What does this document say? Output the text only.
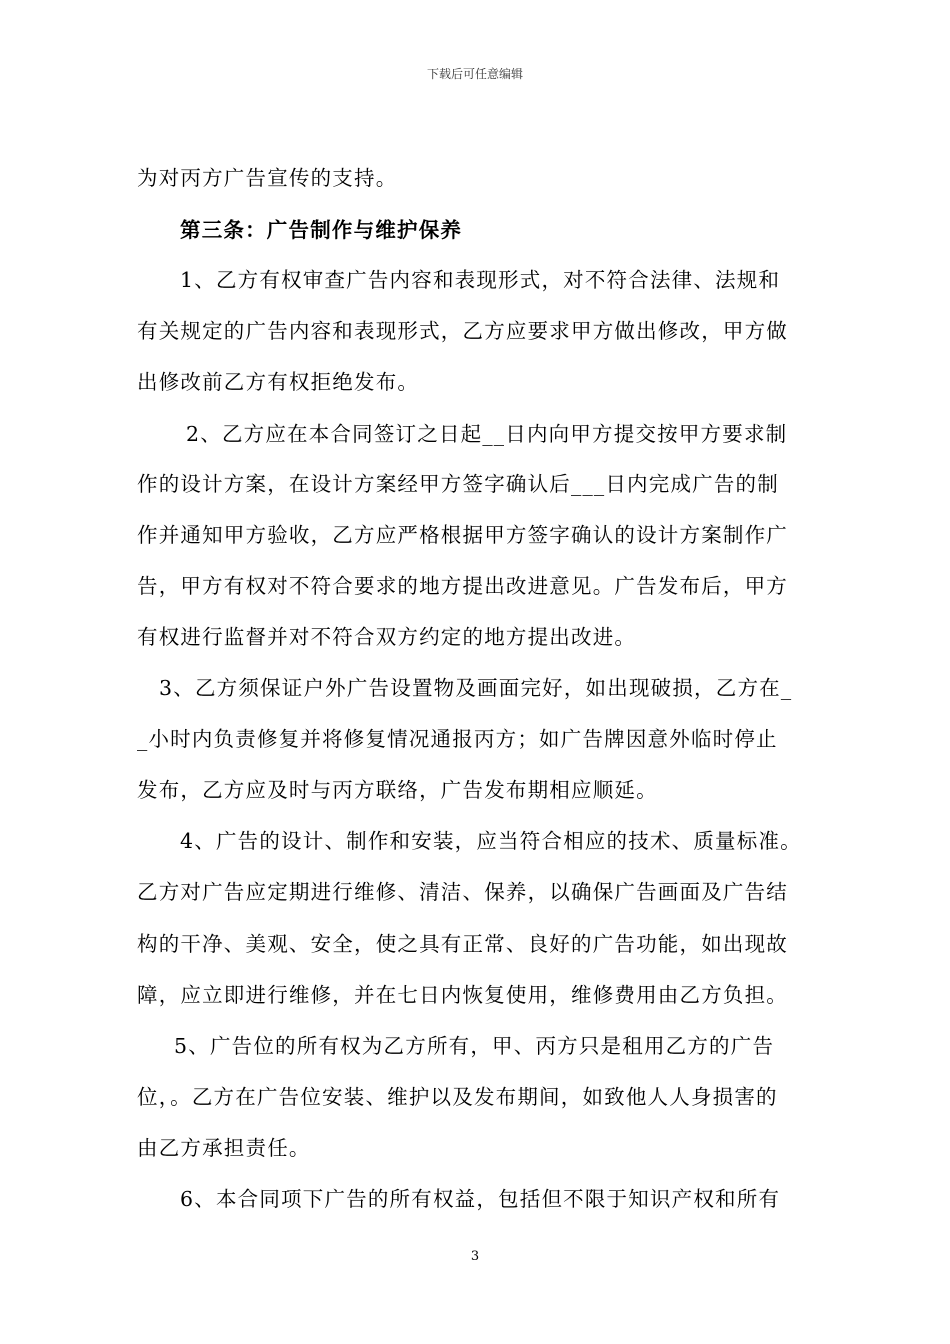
下载后可任意编辑
为对丙方广告宣传的支持。
第三条：广告制作与维护保养
1、乙方有权审查广告内容和表现形式，对不符合法律、法规和
有关规定的广告内容和表现形式，乙方应要求甲方做出修改，甲方做
出修改前乙方有权拒绝发布。
2、乙方应在本合同签订之日起__日内向甲方提交按甲方要求制
作的设计方案，在设计方案经甲方签字确认后___日内完成广告的制
作并通知甲方验收，乙方应严格根据甲方签字确认的设计方案制作广
告，甲方有权对不符合要求的地方提出改进意见。广告发布后，甲方
有权进行监督并对不符合双方约定的地方提出改进。
3、乙方须保证户外广告设置物及画面完好，如出现破损，乙方在_
_小时内负责修复并将修复情况通报丙方；如广告牌因意外临时停止
发布，乙方应及时与丙方联络，广告发布期相应顺延。
4、广告的设计、制作和安装，应当符合相应的技术、质量标准。
乙方对广告应定期进行维修、清洁、保养，以确保广告画面及广告结
构的干净、美观、安全，使之具有正常、良好的广告功能，如出现故
障，应立即进行维修，并在七日内恢复使用，维修费用由乙方负担。
5、广告位的所有权为乙方所有，甲、丙方只是租用乙方的广告
位，。乙方在广告位安装、维护以及发布期间，如致他人人身损害的
由乙方承担责任。
6、本合同项下广告的所有权益，包括但不限于知识产权和所有
3
